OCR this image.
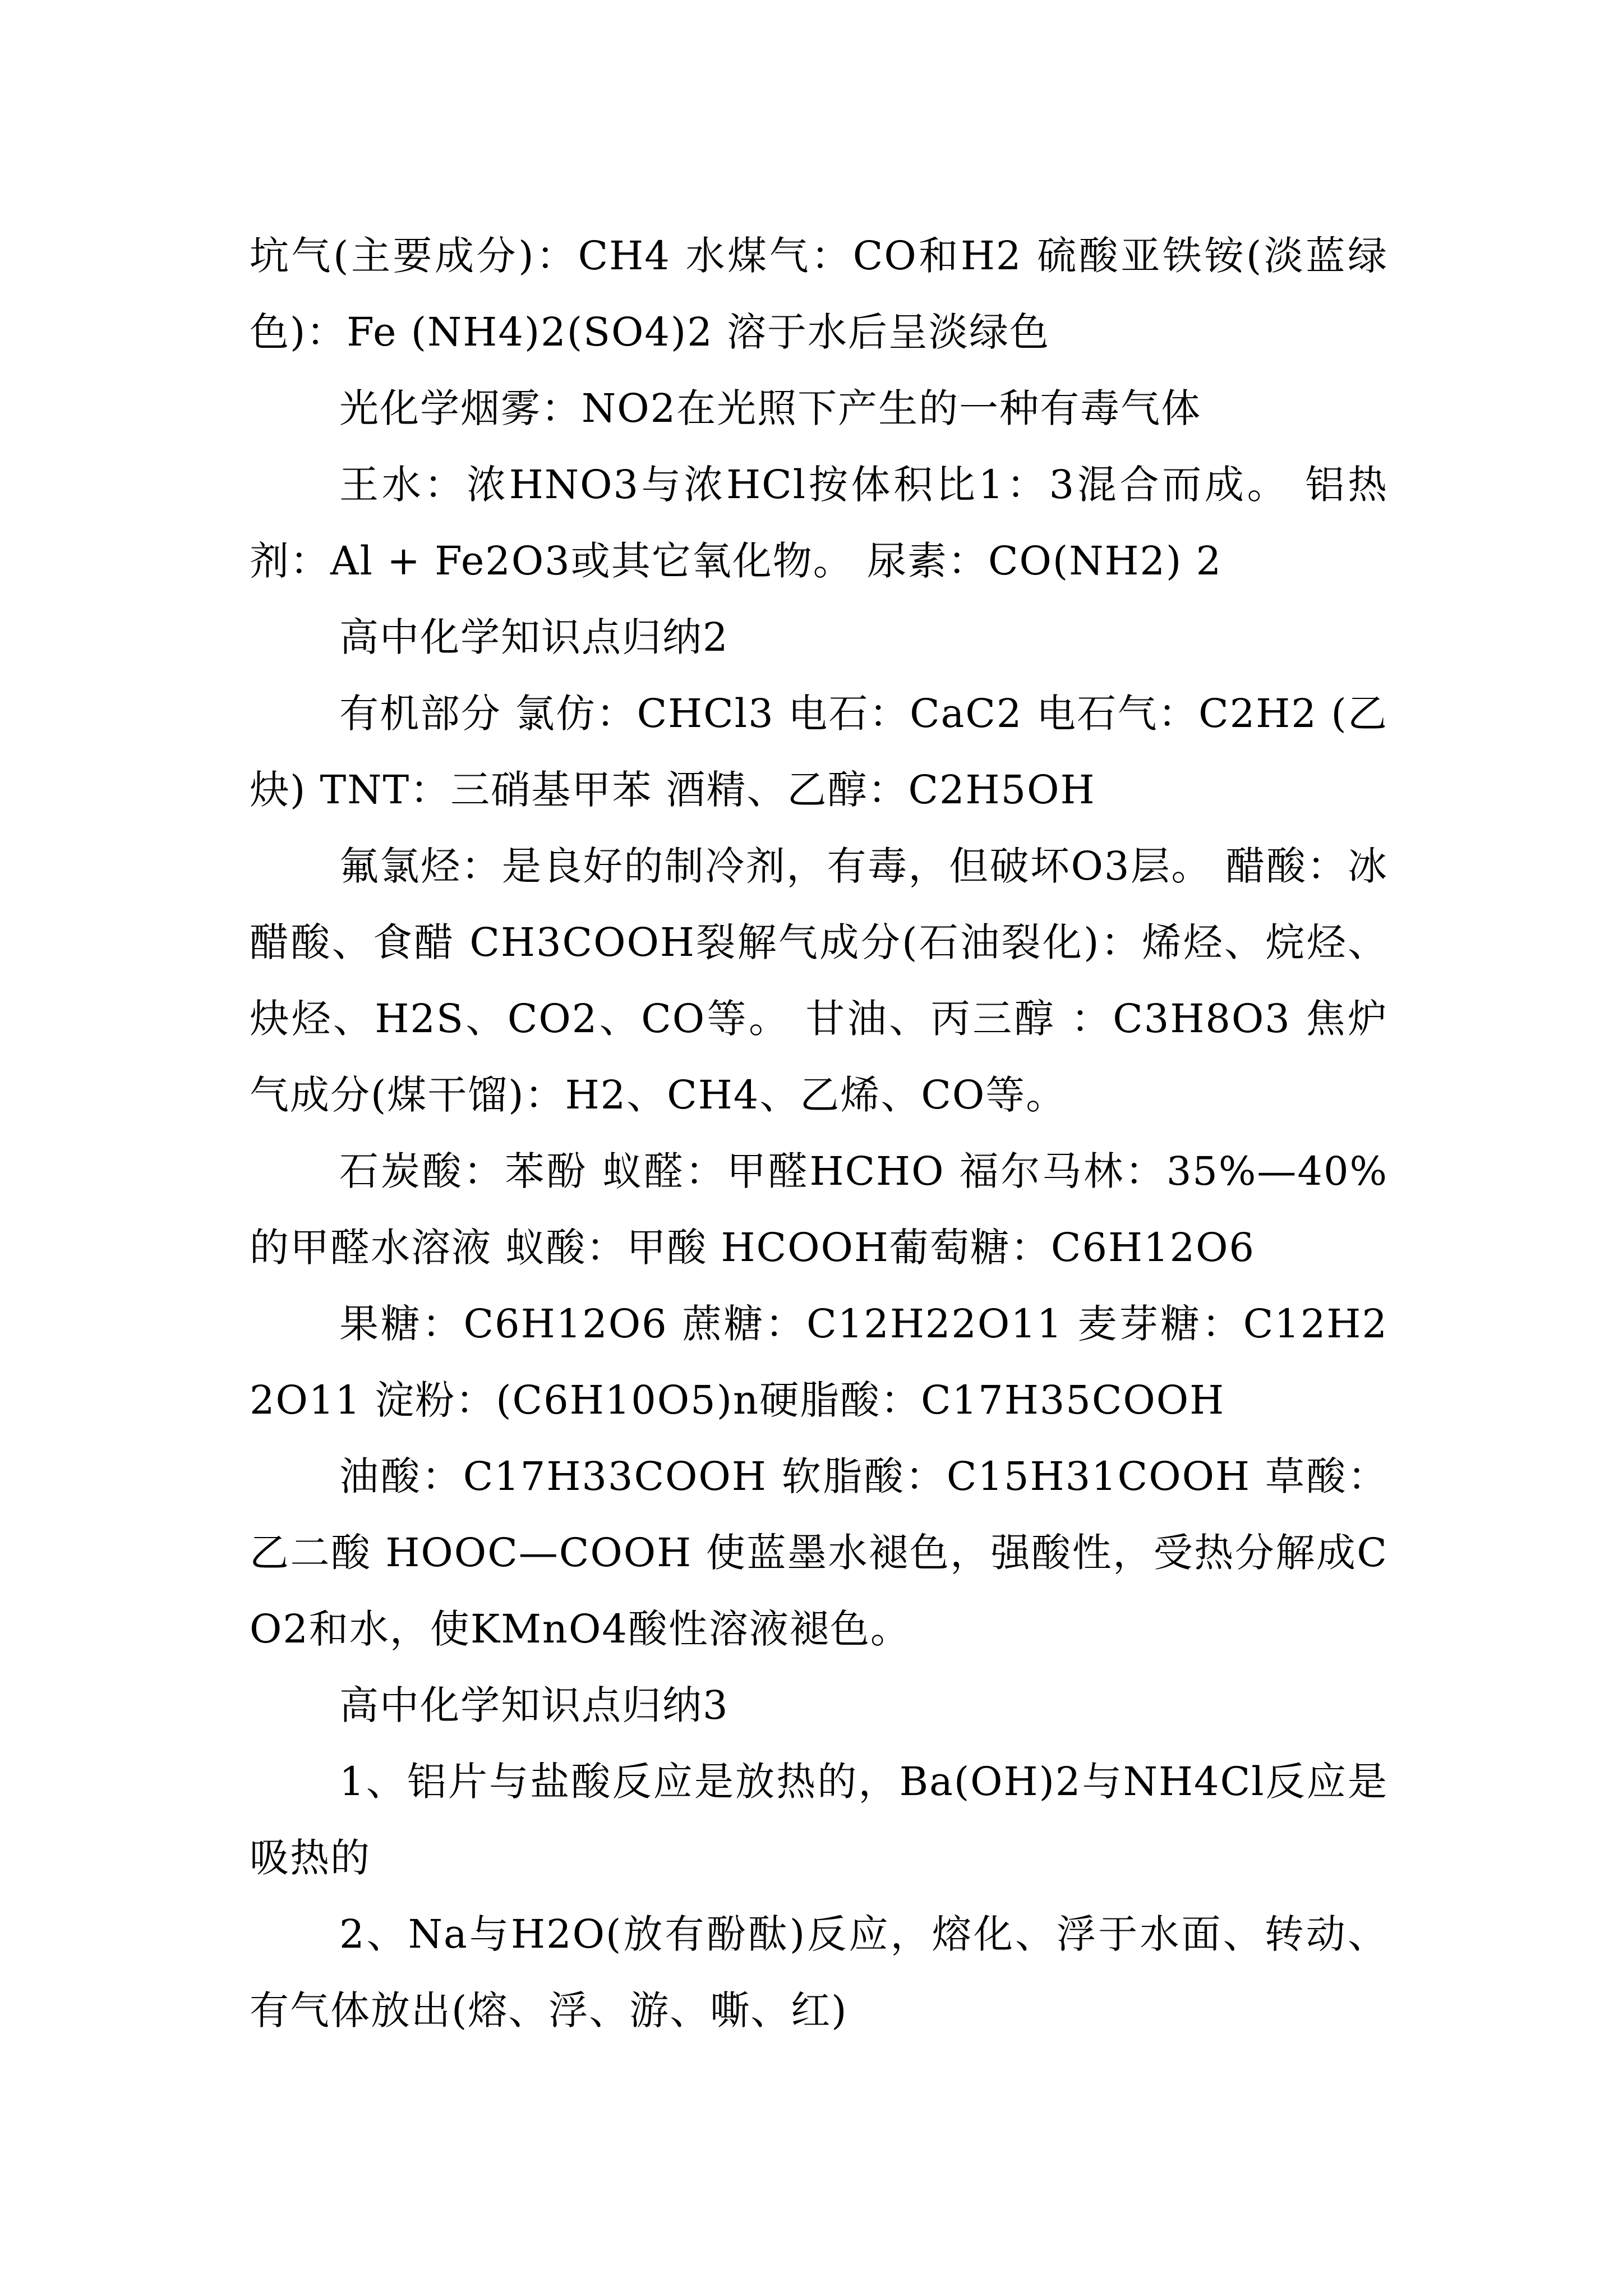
坑气(主要成分)：CH4 水煤气：CO和H2 硫酸亚铁铵(淡蓝绿色)：Fe (NH4)2(SO4)2 溶于水后呈淡绿色

光化学烟雾：NO2在光照下产生的一种有毒气体

王水：浓HNO3与浓HCl按体积比1：3混合而成。 铝热剂：Al + Fe2O3或其它氧化物。 尿素：CO(NH2) 2

高中化学知识点归纳2

有机部分 氯仿：CHCl3 电石：CaC2 电石气：C2H2 (乙炔) TNT：三硝基甲苯 酒精、乙醇：C2H5OH

氟氯烃：是良好的制冷剂，有毒，但破坏O3层。 醋酸：冰醋酸、食醋 CH3COOH裂解气成分(石油裂化)：烯烃、烷烃、炔烃、H2S、CO2、CO等。 甘油、丙三醇 ：C3H8O3 焦炉气成分(煤干馏)：H2、CH4、乙烯、CO等。

石炭酸：苯酚 蚁醛：甲醛HCHO 福尔马林：35%—40%的甲醛水溶液 蚁酸：甲酸 HCOOH葡萄糖：C6H12O6

果糖：C6H12O6 蔗糖：C12H22O11 麦芽糖：C12H22O11 淀粉：(C6H10O5)n硬脂酸：C17H35COOH

油酸：C17H33COOH 软脂酸：C15H31COOH 草酸：乙二酸 HOOC—COOH 使蓝墨水褪色，强酸性，受热分解成CO2和水，使KMnO4酸性溶液褪色。

高中化学知识点归纳3

1、铝片与盐酸反应是放热的，Ba(OH)2与NH4Cl反应是吸热的

2、Na与H2O(放有酚酞)反应，熔化、浮于水面、转动、有气体放出(熔、浮、游、嘶、红)
